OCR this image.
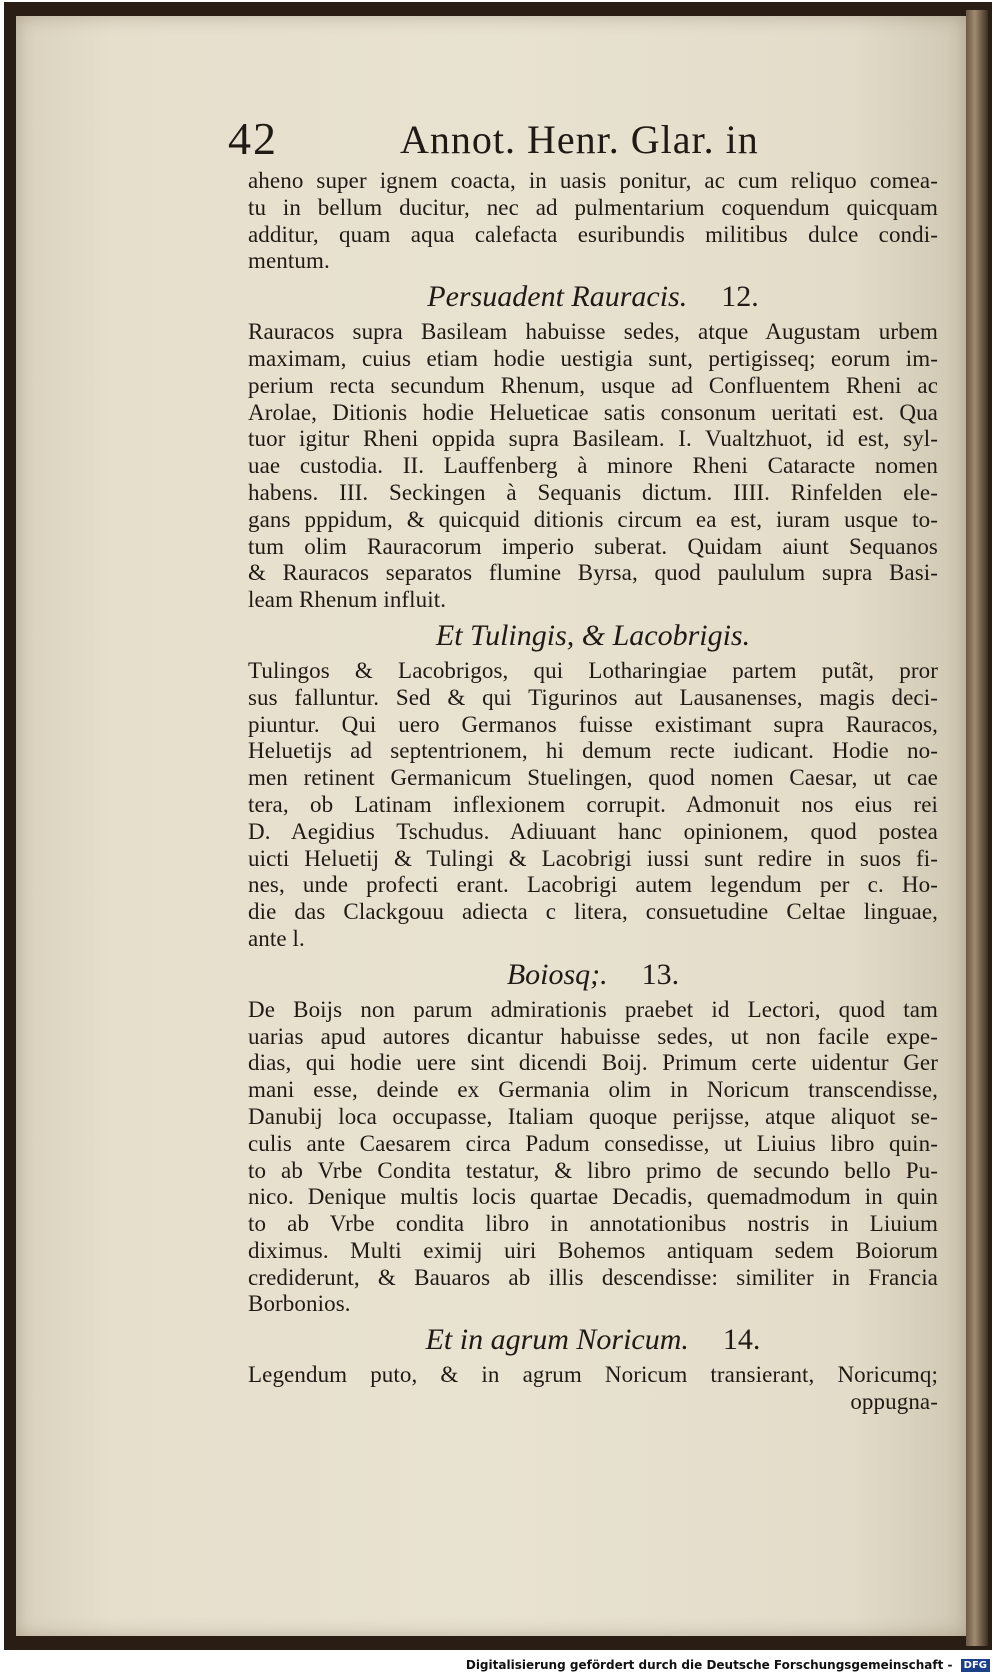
42	Annot. Henr. Glar. in
aheno super ignem coacta, in uasis ponitur, ac cum reliquo comea-
tu in bellum ducitur, nec ad pulmentarium coquendum quicquam
additur, quam aqua calefacta esuribundis militibus dulce condi-
mentum.
Persuadent Rauracis. 12.
Rauracos supra Basileam habuisse sedes, atque Augustam urbem
maximam, cuius etiam hodie uestigia sunt, pertigisseq; eorum im-
perium recta secundum Rhenum, usque ad Confluentem Rheni ac
Arolae, Ditionis hodie Helueticae satis consonum ueritati est. Qua
tuor igitur Rheni oppida supra Basileam. I. Vualtzhuot, id est, syl-
uae custodia. II. Lauffenberg à minore Rheni Cataracte nomen
habens. III. Seckingen à Sequanis dictum. IIII. Rinfelden ele-
gans pppidum, & quicquid ditionis circum ea est, iuram usque to-
tum olim Rauracorum imperio suberat. Quidam aiunt Sequanos
& Rauracos separatos flumine Byrsa, quod paululum supra Basi-
leam Rhenum influit.
Et Tulingis, & Lacobrigis.
Tulingos & Lacobrigos, qui Lotharingiae partem putãt, pror
sus falluntur. Sed & qui Tigurinos aut Lausanenses, magis deci-
piuntur. Qui uero Germanos fuisse existimant supra Rauracos,
Heluetijs ad septentrionem, hi demum recte iudicant. Hodie no-
men retinent Germanicum Stuelingen, quod nomen Caesar, ut cae
tera, ob Latinam inflexionem corrupit. Admonuit nos eius rei
D. Aegidius Tschudus. Adiuuant hanc opinionem, quod postea
uicti Heluetij & Tulingi & Lacobrigi iussi sunt redire in suos fi-
nes, unde profecti erant. Lacobrigi autem legendum per c. Ho-
die das Clackgouu adiecta c litera, consuetudine Celtae linguae,
ante l.
Boiosq;. 13.
De Boijs non parum admirationis praebet id Lectori, quod tam
uarias apud autores dicantur habuisse sedes, ut non facile expe-
dias, qui hodie uere sint dicendi Boij. Primum certe uidentur Ger
mani esse, deinde ex Germania olim in Noricum transcendisse,
Danubij loca occupasse, Italiam quoque perijsse, atque aliquot se-
culis ante Caesarem circa Padum consedisse, ut Liuius libro quin-
to ab Vrbe Condita testatur, & libro primo de secundo bello Pu-
nico. Denique multis locis quartae Decadis, quemadmodum in quin
to ab Vrbe condita libro in annotationibus nostris in Liuium
diximus. Multi eximij uiri Bohemos antiquam sedem Boiorum
crediderunt, & Bauaros ab illis descendisse: similiter in Francia
Borbonios.
Et in agrum Noricum. 14.
Legendum puto, & in agrum Noricum transierant, Noricumq;
oppugna-
Digitalisierung gefördert durch die Deutsche Forschungsgemeinschaft - DFG
